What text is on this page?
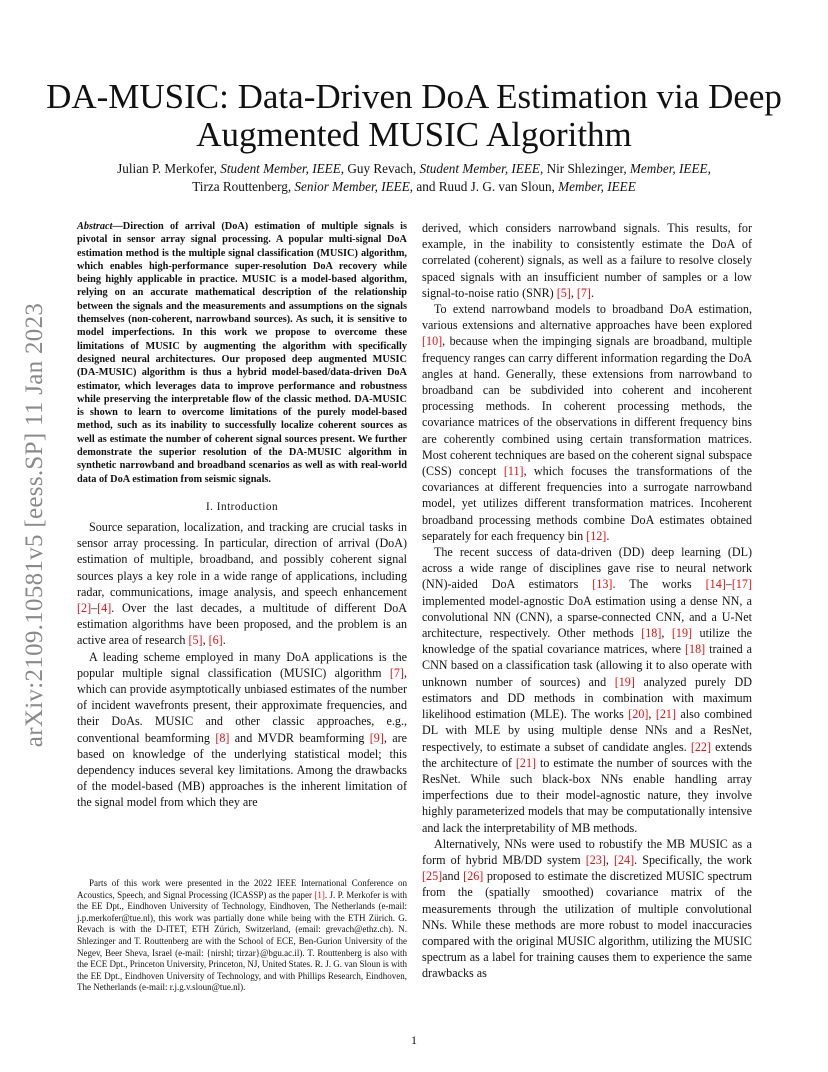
arXiv:2109.10581v5 [eess.SP] 11 Jan 2023
DA-MUSIC: Data-Driven DoA Estimation via Deep Augmented MUSIC Algorithm
Julian P. Merkofer, Student Member, IEEE, Guy Revach, Student Member, IEEE, Nir Shlezinger, Member, IEEE,
Tirza Routtenberg, Senior Member, IEEE, and Ruud J. G. van Sloun, Member, IEEE

Abstract—Direction of arrival (DoA) estimation of multiple signals is pivotal in sensor array signal processing. A popular multi-signal DoA estimation method is the multiple signal classification (MUSIC) algorithm, which enables high-performance super-resolution DoA recovery while being highly applicable in practice. MUSIC is a model-based algorithm, relying on an accurate mathematical description of the relationship between the signals and the measurements and assumptions on the signals themselves (non-coherent, narrowband sources). As such, it is sensitive to model imperfections. In this work we propose to overcome these limitations of MUSIC by augmenting the algorithm with specifically designed neural architectures. Our proposed deep augmented MUSIC (DA-MUSIC) algorithm is thus a hybrid model-based/data-driven DoA estimator, which leverages data to improve performance and robustness while preserving the interpretable flow of the classic method. DA-MUSIC is shown to learn to overcome limitations of the purely model-based method, such as its inability to successfully localize coherent sources as well as estimate the number of coherent signal sources present. We further demonstrate the superior resolution of the DA-MUSIC algorithm in synthetic narrowband and broadband scenarios as well as with real-world data of DoA estimation from seismic signals.

I. Introduction

Source separation, localization, and tracking are crucial tasks in sensor array processing. In particular, direction of arrival (DoA) estimation of multiple, broadband, and possibly coherent signal sources plays a key role in a wide range of applications, including radar, communications, image analysis, and speech enhancement [2]–[4]. Over the last decades, a multitude of different DoA estimation algorithms have been proposed, and the problem is an active area of research [5], [6].

A leading scheme employed in many DoA applications is the popular multiple signal classification (MUSIC) algorithm [7], which can provide asymptotically unbiased estimates of the number of incident wavefronts present, their approximate frequencies, and their DoAs. MUSIC and other classic approaches, e.g., conventional beamforming [8] and MVDR beamforming [9], are based on knowledge of the underlying statistical model; this dependency induces several key limitations. Among the drawbacks of the model-based (MB) approaches is the inherent limitation of the signal model from which they are

Parts of this work were presented in the 2022 IEEE International Conference on Acoustics, Speech, and Signal Processing (ICASSP) as the paper [1]. J. P. Merkofer is with the EE Dpt., Eindhoven University of Technology, Eindhoven, The Netherlands (e-mail: j.p.merkofer@tue.nl), this work was partially done while being with the ETH Zürich. G. Revach is with the D-ITET, ETH Zürich, Switzerland, (email: grevach@ethz.ch). N. Shlezinger and T. Routtenberg are with the School of ECE, Ben-Gurion University of the Negev, Beer Sheva, Israel (e-mail: {nirshl; tirzar}@bgu.ac.il). T. Routtenberg is also with the ECE Dpt., Princeton University, Princeton, NJ, United States. R. J. G. van Sloun is with the EE Dpt., Eindhoven University of Technology, and with Phillips Research, Eindhoven, The Netherlands (e-mail: r.j.g.v.sloun@tue.nl).

derived, which considers narrowband signals. This results, for example, in the inability to consistently estimate the DoA of correlated (coherent) signals, as well as a failure to resolve closely spaced signals with an insufficient number of samples or a low signal-to-noise ratio (SNR) [5], [7].

To extend narrowband models to broadband DoA estimation, various extensions and alternative approaches have been explored [10], because when the impinging signals are broadband, multiple frequency ranges can carry different information regarding the DoA angles at hand. Generally, these extensions from narrowband to broadband can be subdivided into coherent and incoherent processing methods. In coherent processing methods, the covariance matrices of the observations in different frequency bins are coherently combined using certain transformation matrices. Most coherent techniques are based on the coherent signal subspace (CSS) concept [11], which focuses the transformations of the covariances at different frequencies into a surrogate narrowband model, yet utilizes different transformation matrices. Incoherent broadband processing methods combine DoA estimates obtained separately for each frequency bin [12].

The recent success of data-driven (DD) deep learning (DL) across a wide range of disciplines gave rise to neural network (NN)-aided DoA estimators [13]. The works [14]–[17] implemented model-agnostic DoA estimation using a dense NN, a convolutional NN (CNN), a sparse-connected CNN, and a U-Net architecture, respectively. Other methods [18], [19] utilize the knowledge of the spatial covariance matrices, where [18] trained a CNN based on a classification task (allowing it to also operate with unknown number of sources) and [19] analyzed purely DD estimators and DD methods in combination with maximum likelihood estimation (MLE). The works [20], [21] also combined DL with MLE by using multiple dense NNs and a ResNet, respectively, to estimate a subset of candidate angles. [22] extends the architecture of [21] to estimate the number of sources with the ResNet. While such black-box NNs enable handling array imperfections due to their model-agnostic nature, they involve highly parameterized models that may be computationally intensive and lack the interpretability of MB methods.

Alternatively, NNs were used to robustify the MB MUSIC as a form of hybrid MB/DD system [23], [24]. Specifically, the work [25]and [26] proposed to estimate the discretized MUSIC spectrum from the (spatially smoothed) covariance matrix of the measurements through the utilization of multiple convolutional NNs. While these methods are more robust to model inaccuracies compared with the original MUSIC algorithm, utilizing the MUSIC spectrum as a label for training causes them to experience the same drawbacks as

1
